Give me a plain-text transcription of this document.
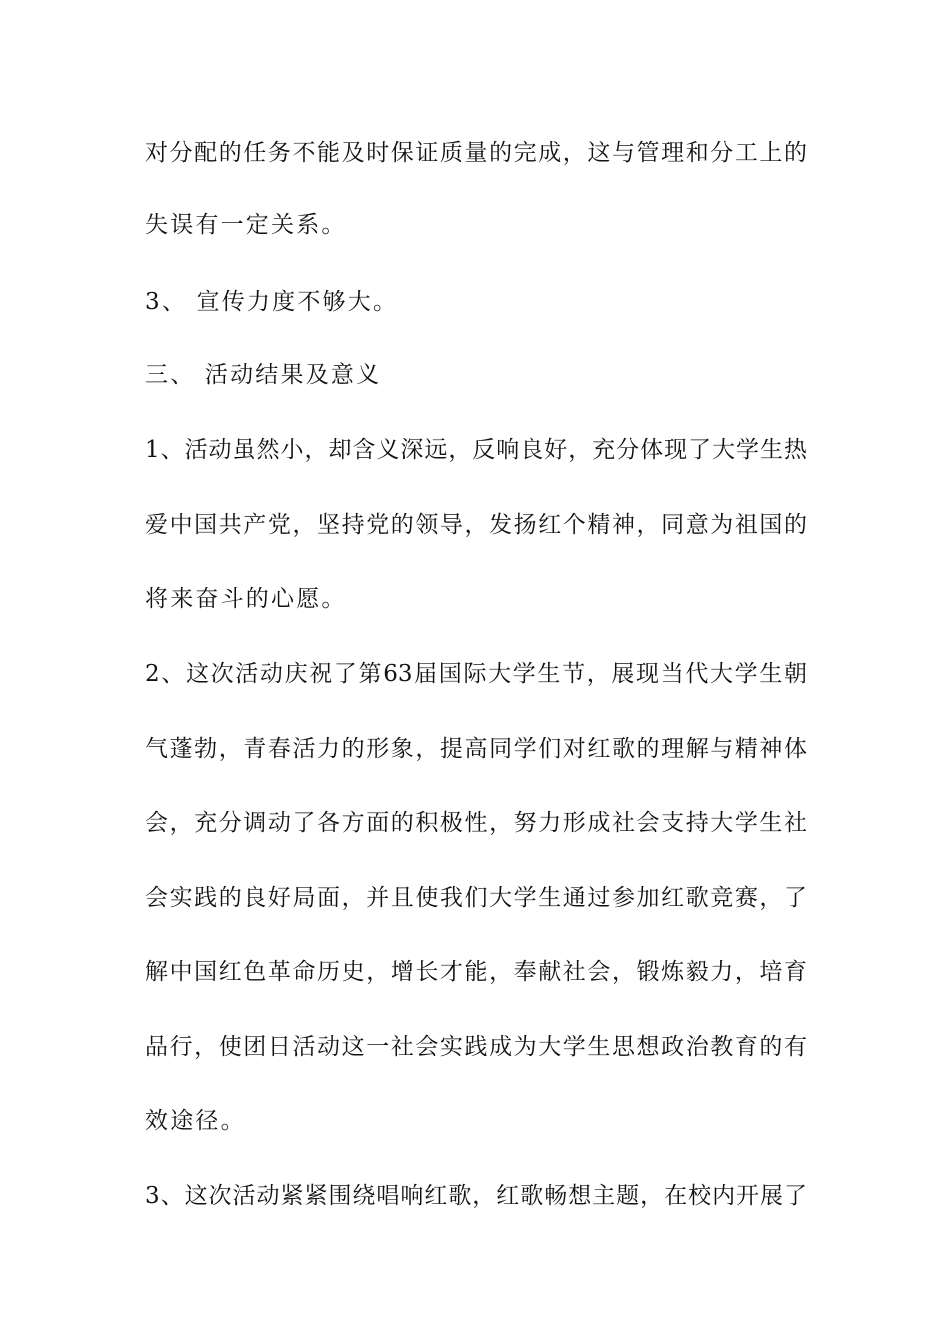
对分配的任务不能及时保证质量的完成，这与管理和分工上的
失误有一定关系。
3、 宣传力度不够大。
三、 活动结果及意义
1、活动虽然小，却含义深远，反响良好，充分体现了大学生热
爱中国共产党，坚持党的领导，发扬红个精神，同意为祖国的
将来奋斗的心愿。
2、这次活动庆祝了第63届国际大学生节，展现当代大学生朝
气蓬勃，青春活力的形象，提高同学们对红歌的理解与精神体
会，充分调动了各方面的积极性，努力形成社会支持大学生社
会实践的良好局面，并且使我们大学生通过参加红歌竞赛，了
解中国红色革命历史，增长才能，奉献社会，锻炼毅力，培育
品行，使团日活动这一社会实践成为大学生思想政治教育的有
效途径。
3、这次活动紧紧围绕唱响红歌，红歌畅想主题，在校内开展了
